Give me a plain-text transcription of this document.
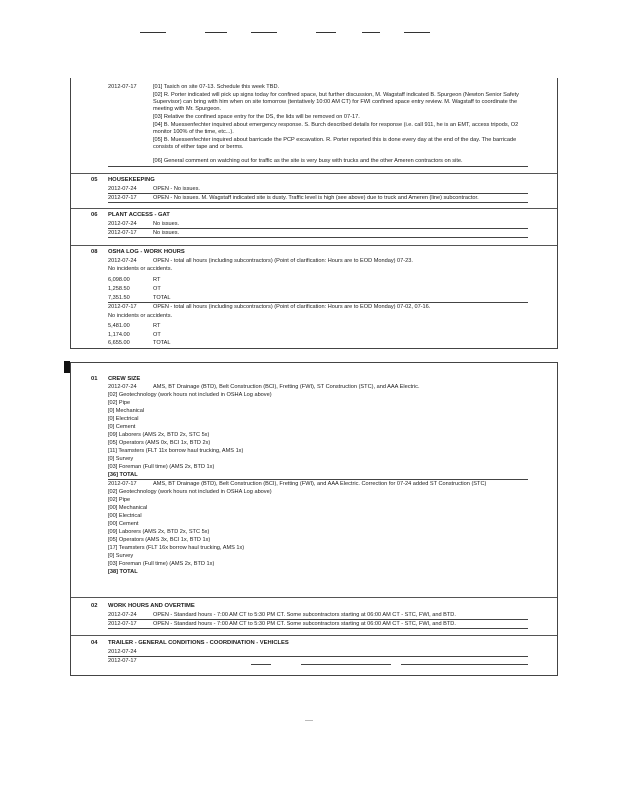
2012-07-17	[01] Tasich on site 07-13. Schedule this week TBD.
[02] R. Porter indicated will pick up signs today for confined space, but further discussion, M. Wagstaff indicated B. Spurgeon (Newton Senior Safety Supervisor) can bring with him when on site tomorrow (tentatively 10:00 AM CT) for FWI confined space entry review. M. Wagstaff to coordinate the meeting with Mr. Spurgeon.
[03] Relative the confined space entry for the DS, the lids will be removed on 07-17.
[04] B. Muessenfechter inquired about emergency response. S. Burch described details for response (i.e. call 911, he is an EMT, access tripods, O2 monitor 100% of the time, etc...).
[05] B. Muessenfechter inquired about barricade the PCP excavation. R. Porter reported this is done every day at the end of the day. The barricade consists of either tape and or berms.
[06] General comment on watching out for traffic as the site is very busy with trucks and the other Ameren contractors on site.
05 HOUSEKEEPING
2012-07-24	OPEN - No issues.
2012-07-17	OPEN - No issues. M. Wagstaff indicated site is dusty. Traffic level is high (see above) due to truck and Ameren (line) subcontractor.
06 PLANT ACCESS - GAT
2012-07-24	No issues.
2012-07-17	No issues.
08 OSHA LOG - WORK HOURS
2012-07-24	OPEN - total all hours (including subcontractors) (Point of clarification: Hours are to EOD Monday) 07-23.
No incidents or accidents.
6,098.00	RT
1,258.50	OT
7,351.50	TOTAL
2012-07-17	OPEN - total all hours (including subcontractors) (Point of clarification: Hours are to EOD Monday) 07-02, 07-16.
No incidents or accidents.
5,481.00	RT
1,174.00	OT
6,655.00	TOTAL
01 CREW SIZE
2012-07-24	AMS, BT Drainage (BTD), Belt Construction (BCI), Fretting (FWI), ST Construction (STC), and AAA Electric.
[02] Geotechnology (work hours not included in OSHA Log above)
[02] Pipe
[0] Mechanical
[0] Electrical
[0] Cement
[09] Laborers (AMS 2x, BTD 2x, STC 5x)
[05] Operators (AMS 0x, BCI 1x, BTD 2x)
[11] Teamsters (FLT 11x borrow haul trucking, AMS 1x)
[0] Survey
[03] Foreman (Full time) (AMS 2x, BTD 1x)
[36] TOTAL
2012-07-17	AMS, BT Drainage (BTD), Belt Construction (BCI), Fretting (FWI), and AAA Electric. Correction for 07-24 added ST Construction (STC)
[02] Geotechnology (work hours not included in OSHA Log above)
[02] Pipe
[00] Mechanical
[00] Electrical
[00] Cement
[09] Laborers (AMS 2x, BTD 2x, STC 5x)
[05] Operators (AMS 3x, BCI 1x, BTD 1x)
[17] Teamsters (FLT 16x borrow haul trucking, AMS 1x)
[0] Survey
[03] Foreman (Full time) (AMS 2x, BTD 1x)
[38] TOTAL
02 WORK HOURS AND OVERTIME
2012-07-24	OPEN - Standard hours - 7:00 AM CT to 5:30 PM CT. Some subcontractors starting at 06:00 AM CT - STC, FWI, and BTD.
2012-07-17	OPEN - Standard hours - 7:00 AM CT to 5:30 PM CT. Some subcontractors starting at 06:00 AM CT - STC, FWI, and BTD.
04 TRAILER - GENERAL CONDITIONS - COORDINATION - VEHICLES
2012-07-24
2012-07-17
